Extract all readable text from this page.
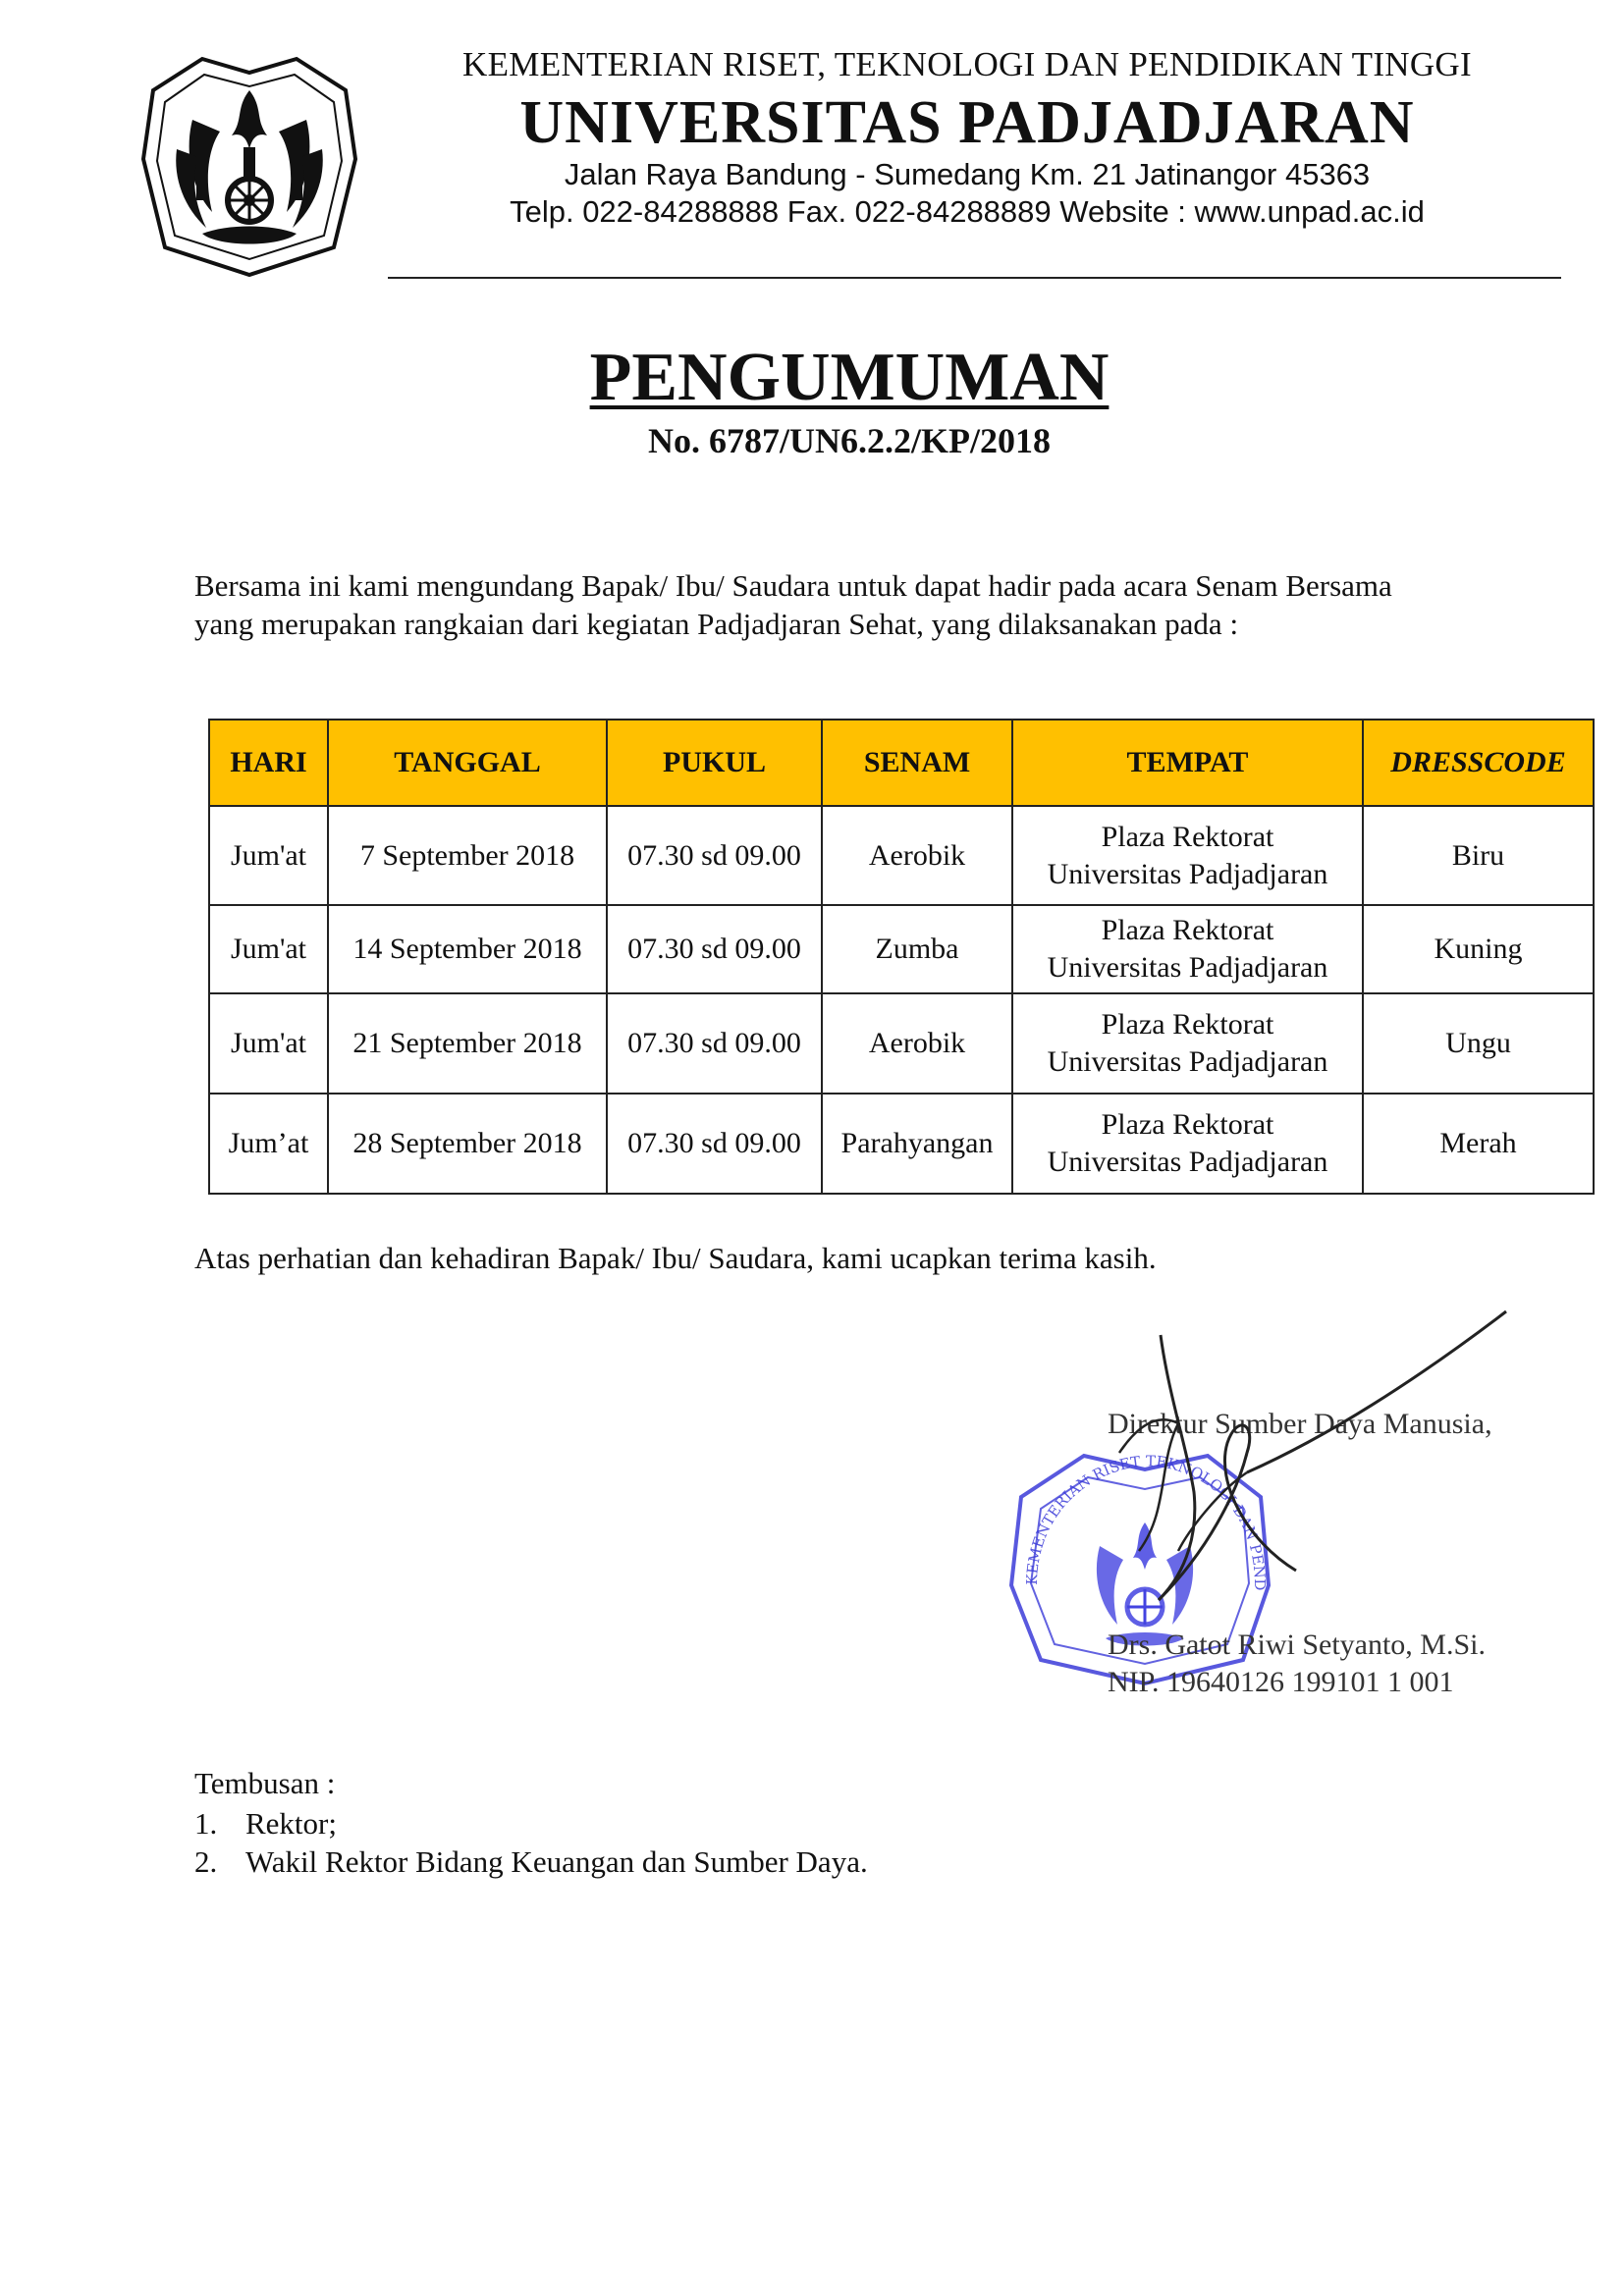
KEMENTERIAN RISET, TEKNOLOGI DAN PENDIDIKAN TINGGI
UNIVERSITAS PADJADJARAN
Jalan Raya Bandung - Sumedang Km. 21 Jatinangor 45363
Telp. 022-84288888 Fax. 022-84288889 Website : www.unpad.ac.id
PENGUMUMAN
No. 6787/UN6.2.2/KP/2018
Bersama ini kami mengundang Bapak/ Ibu/ Saudara untuk dapat hadir pada acara Senam Bersama
yang merupakan rangkaian dari kegiatan Padjadjaran Sehat, yang dilaksanakan pada :
HARI	TANGGAL	PUKUL	SENAM	TEMPAT	DRESSCODE
Jum'at	7 September 2018	07.30 sd 09.00	Aerobik	Plaza Rektorat
Universitas Padjadjaran	Biru
Jum'at	14 September 2018	07.30 sd 09.00	Zumba	Plaza Rektorat
Universitas Padjadjaran	Kuning
Jum'at	21 September 2018	07.30 sd 09.00	Aerobik	Plaza Rektorat
Universitas Padjadjaran	Ungu
Jum’at	28 September 2018	07.30 sd 09.00	Parahyangan	Plaza Rektorat
Universitas Padjadjaran	Merah
Atas perhatian dan kehadiran Bapak/ Ibu/ Saudara, kami ucapkan terima kasih.
KEMENTERIAN RISET TEKNOLOGI DAN PEND
Direktur Sumber Daya Manusia,
Drs. Gatot Riwi Setyanto, M.Si.
NIP. 19640126 199101 1 001
Tembusan :
1. Rektor;
2. Wakil Rektor Bidang Keuangan dan Sumber Daya.
